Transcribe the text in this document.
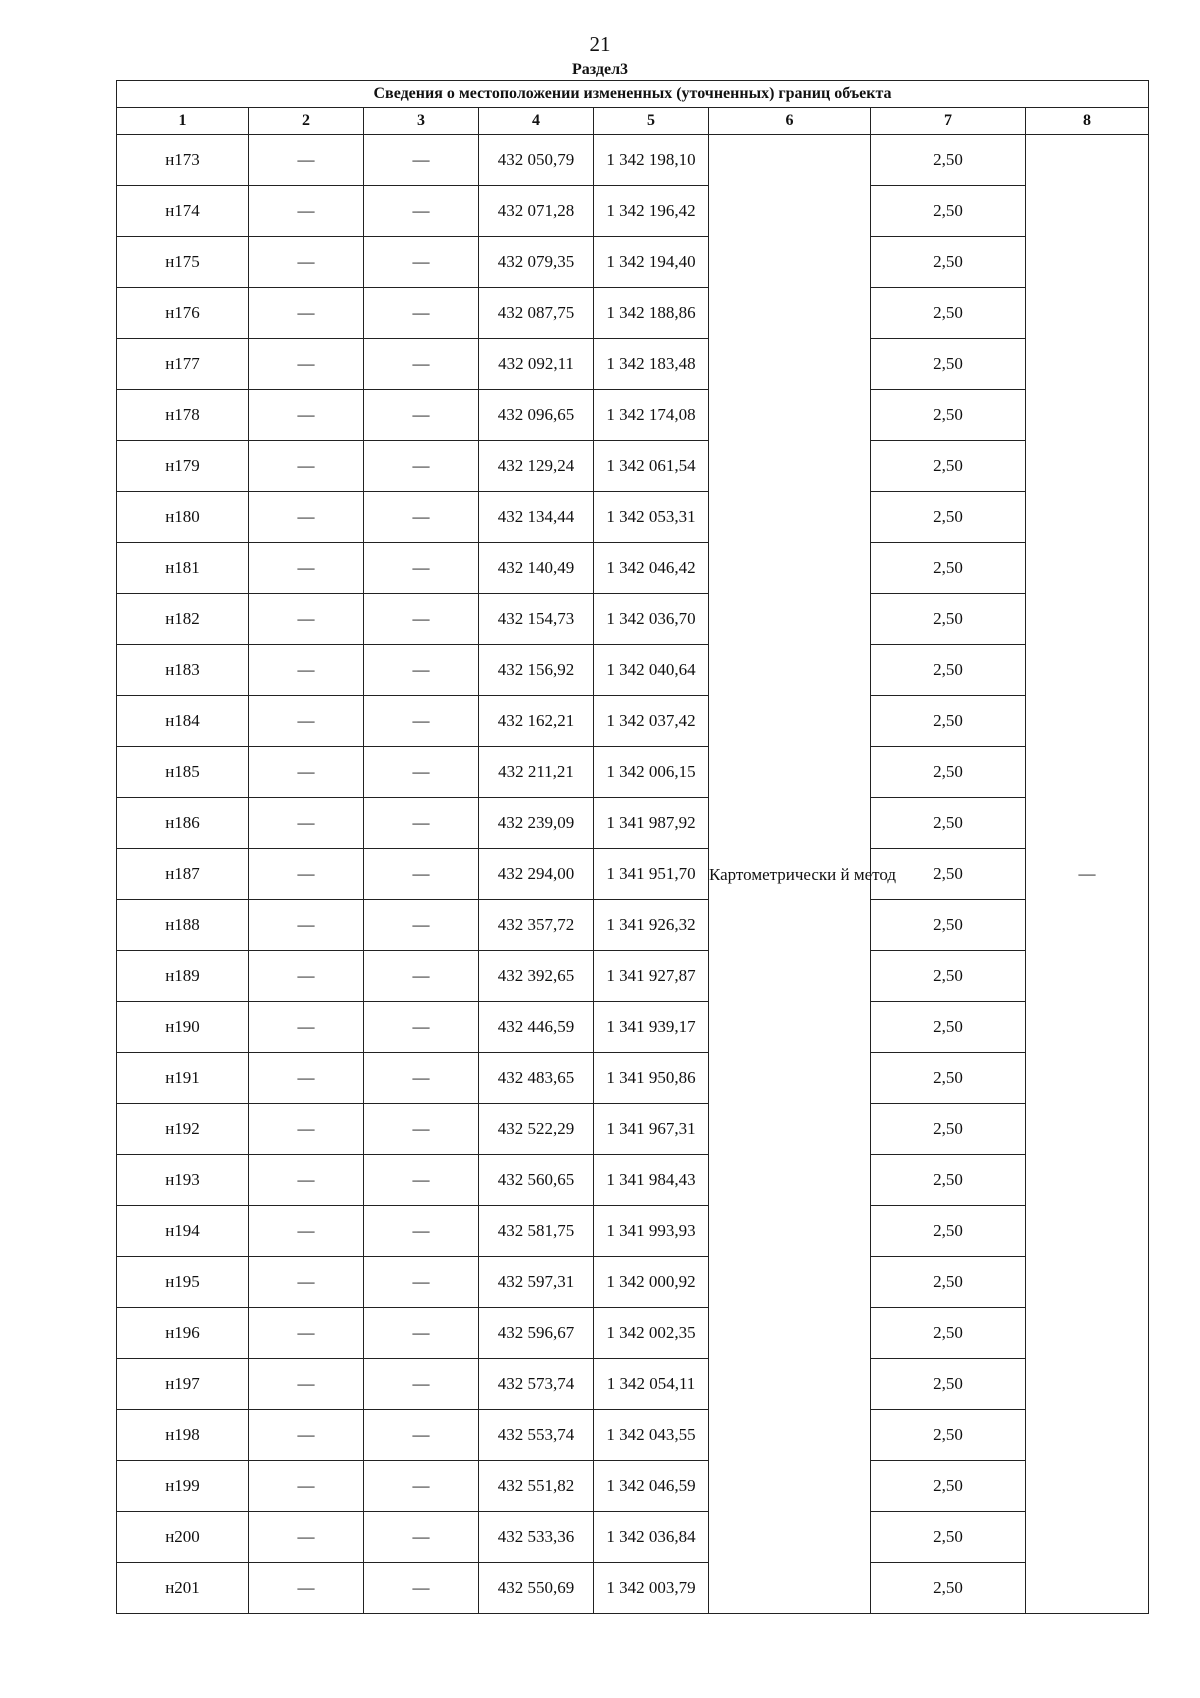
21
Раздел3
Сведения о местоположении измененных (уточненных) границ объекта							
1	2	3	4	5	6	7	8
н173	—	—	432 050,79	1 342 198,10	Картометрически й метод	2,50	—
н174	—	—	432 071,28	1 342 196,42		2,50	
н175	—	—	432 079,35	1 342 194,40		2,50	
н176	—	—	432 087,75	1 342 188,86		2,50	
н177	—	—	432 092,11	1 342 183,48		2,50	
н178	—	—	432 096,65	1 342 174,08		2,50	
н179	—	—	432 129,24	1 342 061,54		2,50	
н180	—	—	432 134,44	1 342 053,31		2,50	
н181	—	—	432 140,49	1 342 046,42		2,50	
н182	—	—	432 154,73	1 342 036,70		2,50	
н183	—	—	432 156,92	1 342 040,64		2,50	
н184	—	—	432 162,21	1 342 037,42		2,50	
н185	—	—	432 211,21	1 342 006,15		2,50	
н186	—	—	432 239,09	1 341 987,92		2,50	
н187	—	—	432 294,00	1 341 951,70		2,50	
н188	—	—	432 357,72	1 341 926,32		2,50	
н189	—	—	432 392,65	1 341 927,87		2,50	
н190	—	—	432 446,59	1 341 939,17		2,50	
н191	—	—	432 483,65	1 341 950,86		2,50	
н192	—	—	432 522,29	1 341 967,31		2,50	
н193	—	—	432 560,65	1 341 984,43		2,50	
н194	—	—	432 581,75	1 341 993,93		2,50	
н195	—	—	432 597,31	1 342 000,92		2,50	
н196	—	—	432 596,67	1 342 002,35		2,50	
н197	—	—	432 573,74	1 342 054,11		2,50	
н198	—	—	432 553,74	1 342 043,55		2,50	
н199	—	—	432 551,82	1 342 046,59		2,50	
н200	—	—	432 533,36	1 342 036,84		2,50	
н201	—	—	432 550,69	1 342 003,79		2,50	
